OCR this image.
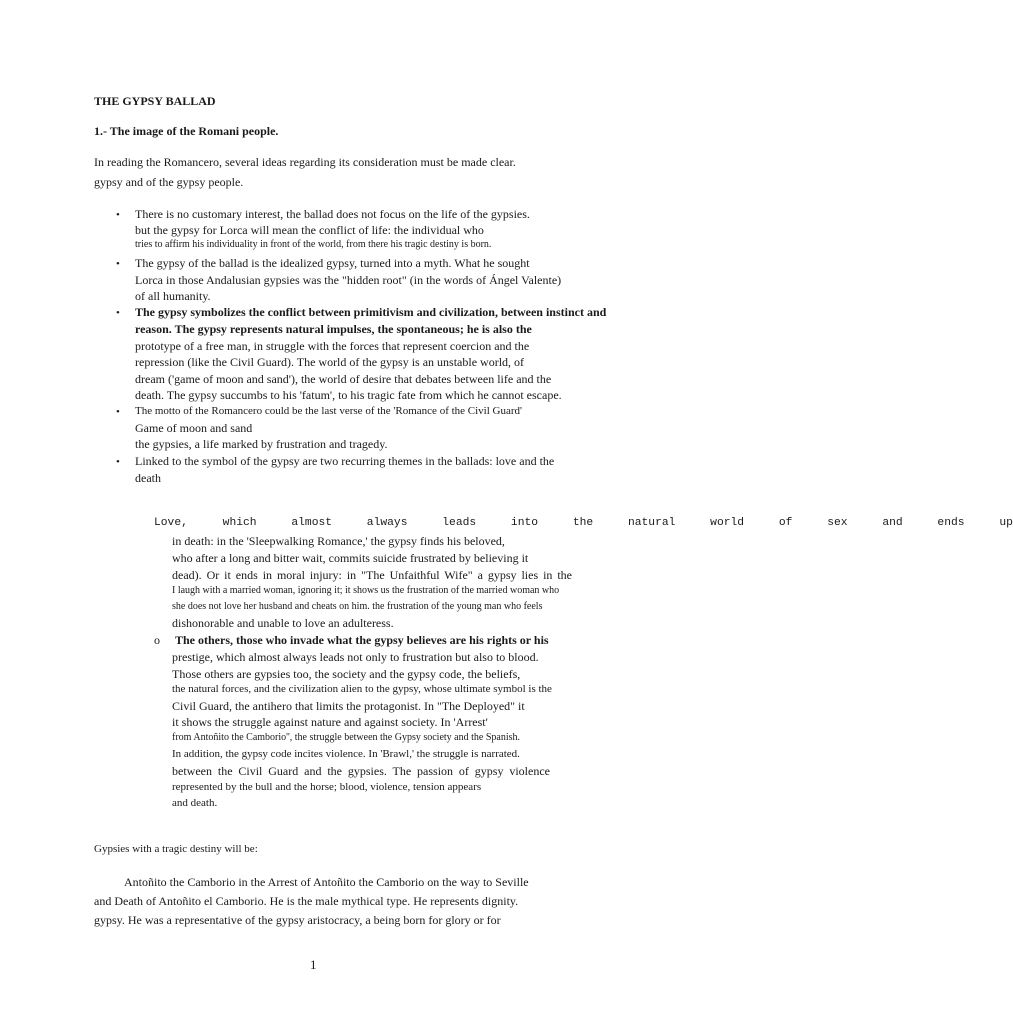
THE GYPSY BALLAD
1.- The image of the Romani people.
In reading the Romancero, several ideas regarding its consideration must be made clear.
gypsy and of the gypsy people.
• There is no customary interest, the ballad does not focus on the life of the gypsies.
but the gypsy for Lorca will mean the conflict of life: the individual who
tries to affirm his individuality in front of the world, from there his tragic destiny is born.
• The gypsy of the ballad is the idealized gypsy, turned into a myth. What he sought
Lorca in those Andalusian gypsies was the "hidden root" (in the words of Ángel Valente)
of all humanity.
• The gypsy symbolizes the conflict between primitivism and civilization, between instinct and
reason. The gypsy represents natural impulses, the spontaneous; he is also the
prototype of a free man, in struggle with the forces that represent coercion and the
repression (like the Civil Guard). The world of the gypsy is an unstable world, of
dream ('game of moon and sand'), the world of desire that debates between life and the
death. The gypsy succumbs to his 'fatum', to his tragic fate from which he cannot escape.
• The motto of the Romancero could be the last verse of the 'Romance of the Civil Guard'
Game of moon and sand
the gypsies, a life marked by frustration and tragedy.
• Linked to the symbol of the gypsy are two recurring themes in the ballads: love and the
death
Love, which almost always leads into the natural world of sex and ends up
in death: in the 'Sleepwalking Romance,' the gypsy finds his beloved,
who after a long and bitter wait, commits suicide frustrated by believing it
dead). Or it ends in moral injury: in "The Unfaithful Wife" a gypsy lies in the
I laugh with a married woman, ignoring it; it shows us the frustration of the married woman who
she does not love her husband and cheats on him. the frustration of the young man who feels
dishonorable and unable to love an adulteress.
o The others, those who invade what the gypsy believes are his rights or his
prestige, which almost always leads not only to frustration but also to blood.
Those others are gypsies too, the society and the gypsy code, the beliefs,
the natural forces, and the civilization alien to the gypsy, whose ultimate symbol is the
Civil Guard, the antihero that limits the protagonist. In "The Deployed" it
it shows the struggle against nature and against society. In 'Arrest'
from Antoñito the Camborio'', the struggle between the Gypsy society and the Spanish.
In addition, the gypsy code incites violence. In 'Brawl,' the struggle is narrated.
between the Civil Guard and the gypsies. The passion of gypsy violence
represented by the bull and the horse; blood, violence, tension appears
and death.
Gypsies with a tragic destiny will be:
Antoñito the Camborio in the Arrest of Antoñito the Camborio on the way to Seville
and Death of Antoñito el Camborio. He is the male mythical type. He represents dignity.
gypsy. He was a representative of the gypsy aristocracy, a being born for glory or for
1
